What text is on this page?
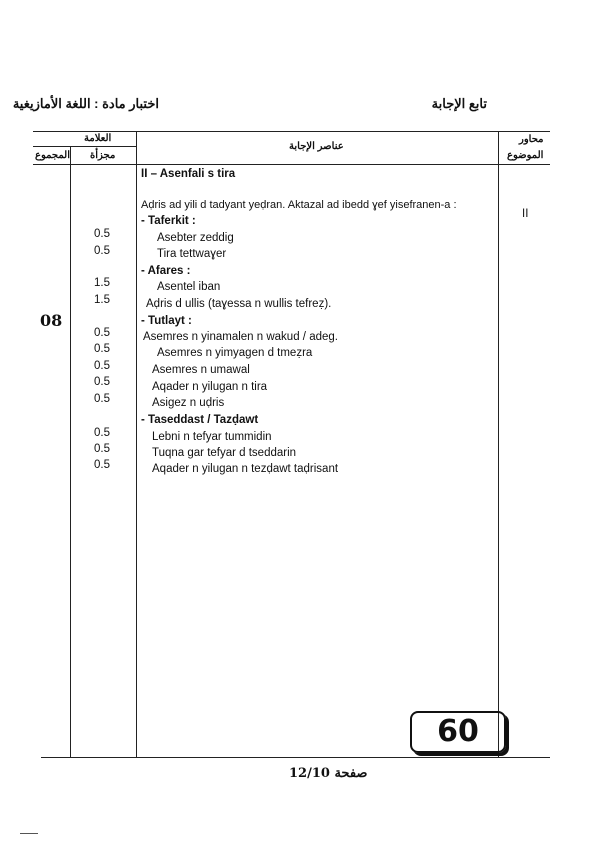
اختبار مادة : اللغة الأمازيغية	تابع الإجابة
العلامة
المجموع مجزأة
عناصر الإجابة
محاور
الموضوع
II
08
II – Asenfali s tira
Aḍris ad yili d tadyant yeḍran. Aktazal ad ibedd ɣef yisefranen-a :
- Taferkit :
Asebter zeddig
0.5
Tira tettwaɣer
0.5
- Afares :
Asentel iban
1.5
Aḍris d ullis (taɣessa n wullis tefreẓ).
1.5
- Tutlayt :
Asemres n yinamalen n wakud / adeg.
0.5
Asemres n yimyagen d tmeẓra
0.5
Asemres n umawal
0.5
Aqader n yilugan n tira
0.5
Asigez n uḍris
0.5
- Taseddast / Tazḍawt
Lebni n tefyar tummidin
0.5
Tuqna gar tefyar d tseddarin
0.5
Aqader n yilugan n tezḍawt taḍrisant
0.5
60
صفحة 12/10
